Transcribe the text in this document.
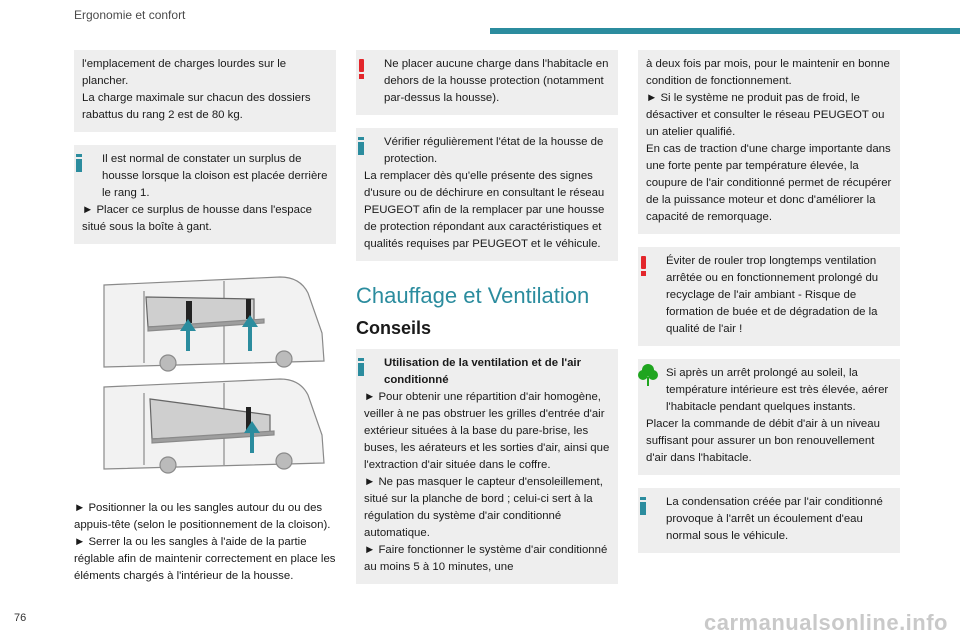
Ergonomie et confort

l'emplacement de charges lourdes sur le plancher.

La charge maximale sur chacun des dossiers rabattus du rang 2 est de 80 kg.

Il est normal de constater un surplus de housse lorsque la cloison est placée derrière le rang 1.

► Placer ce surplus de housse dans l'espace situé sous la boîte à gant.

► Positionner la ou les sangles autour du ou des appuis-tête (selon le positionnement de la cloison).

► Serrer la ou les sangles à l'aide de la partie réglable afin de maintenir correctement en place les éléments chargés à l'intérieur de la housse.

Ne placer aucune charge dans l'habitacle en dehors de la housse protection (notamment par-dessus la housse).

Vérifier régulièrement l'état de la housse de protection.

La remplacer dès qu'elle présente des signes d'usure ou de déchirure en consultant le réseau PEUGEOT afin de la remplacer par une housse de protection répondant aux caractéristiques et qualités requises par PEUGEOT et le véhicule.

Chauffage et Ventilation
Conseils

Utilisation de la ventilation et de l'air conditionné

► Pour obtenir une répartition d'air homogène, veiller à ne pas obstruer les grilles d'entrée d'air extérieur situées à la base du pare-brise, les buses, les aérateurs et les sorties d'air, ainsi que l'extraction d'air située dans le coffre.

► Ne pas masquer le capteur d'ensoleillement, situé sur la planche de bord ; celui-ci sert à la régulation du système d'air conditionné automatique.

► Faire fonctionner le système d'air conditionné au moins 5 à 10 minutes, une

à deux fois par mois, pour le maintenir en bonne condition de fonctionnement.

► Si le système ne produit pas de froid, le désactiver et consulter le réseau PEUGEOT ou un atelier qualifié.

En cas de traction d'une charge importante dans une forte pente par température élevée, la coupure de l'air conditionné permet de récupérer de la puissance moteur et donc d'améliorer la capacité de remorquage.

Éviter de rouler trop longtemps ventilation arrêtée ou en fonctionnement prolongé du recyclage de l'air ambiant - Risque de formation de buée et de dégradation de la qualité de l'air !

Si après un arrêt prolongé au soleil, la température intérieure est très élevée, aérer l'habitacle pendant quelques instants.

Placer la commande de débit d'air à un niveau suffisant pour assurer un bon renouvellement d'air dans l'habitacle.

La condensation créée par l'air conditionné provoque à l'arrêt un écoulement d'eau normal sous le véhicule.

76	carmanualsonline.info
